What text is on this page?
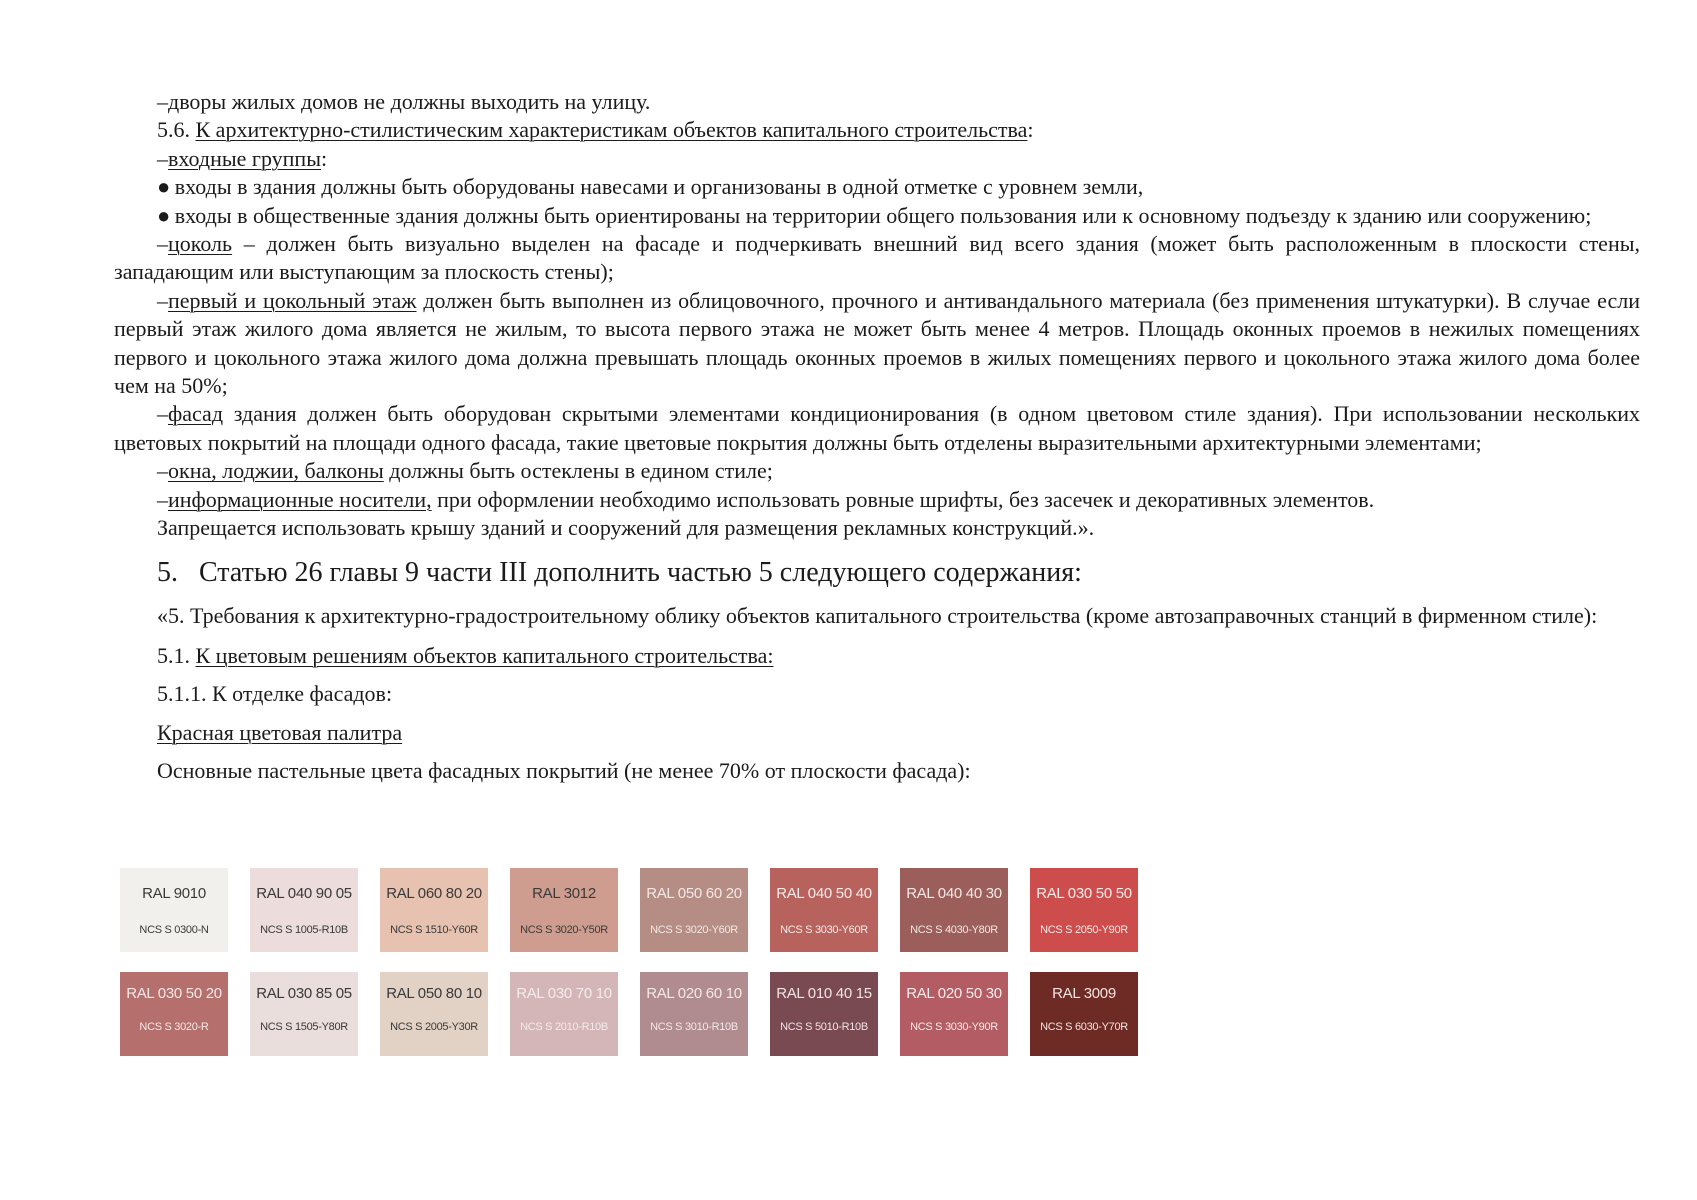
–дворы жилых домов не должны выходить на улицу.

5.6. К архитектурно-стилистическим характеристикам объектов капитального строительства:

–входные группы:

● входы в здания должны быть оборудованы навесами и организованы в одной отметке с уровнем земли,

● входы в общественные здания должны быть ориентированы на территории общего пользования или к основному подъезду к зданию или сооружению;

–цоколь – должен быть визуально выделен на фасаде и подчеркивать внешний вид всего здания (может быть расположенным в плоскости стены, западающим или выступающим за плоскость стены);

–первый и цокольный этаж должен быть выполнен из облицовочного, прочного и антивандального материала (без применения штукатурки). В случае если первый этаж жилого дома является не жилым, то высота первого этажа не может быть менее 4 метров. Площадь оконных проемов в нежилых помещениях первого и цокольного этажа жилого дома должна превышать площадь оконных проемов в жилых помещениях первого и цокольного этажа жилого дома более чем на 50%;

–фасад здания должен быть оборудован скрытыми элементами кондиционирования (в одном цветовом стиле здания). При использовании нескольких цветовых покрытий на площади одного фасада, такие цветовые покрытия должны быть отделены выразительными архитектурными элементами;

–окна, лоджии, балконы должны быть остеклены в едином стиле;

–информационные носители, при оформлении необходимо использовать ровные шрифты, без засечек и декоративных элементов.

Запрещается использовать крышу зданий и сооружений для размещения рекламных конструкций.».

5. Статью 26 главы 9 части III дополнить частью 5 следующего содержания:

«5. Требования к архитектурно-градостроительному облику объектов капитального строительства (кроме автозаправочных станций в фирменном стиле):

5.1. К цветовым решениям объектов капитального строительства:

5.1.1. К отделке фасадов:

Красная цветовая палитра

Основные пастельные цвета фасадных покрытий (не менее 70% от плоскости фасада):

RAL 9010
NCS S 0300-N
RAL 040 90 05
NCS S 1005-R10B
RAL 060 80 20
NCS S 1510-Y60R
RAL 3012
NCS S 3020-Y50R
RAL 050 60 20
NCS S 3020-Y60R
RAL 040 50 40
NCS S 3030-Y60R
RAL 040 40 30
NCS S 4030-Y80R
RAL 030 50 50
NCS S 2050-Y90R
RAL 030 50 20
NCS S 3020-R
RAL 030 85 05
NCS S 1505-Y80R
RAL 050 80 10
NCS S 2005-Y30R
RAL 030 70 10
NCS S 2010-R10B
RAL 020 60 10
NCS S 3010-R10B
RAL 010 40 15
NCS S 5010-R10B
RAL 020 50 30
NCS S 3030-Y90R
RAL 3009
NCS S 6030-Y70R
